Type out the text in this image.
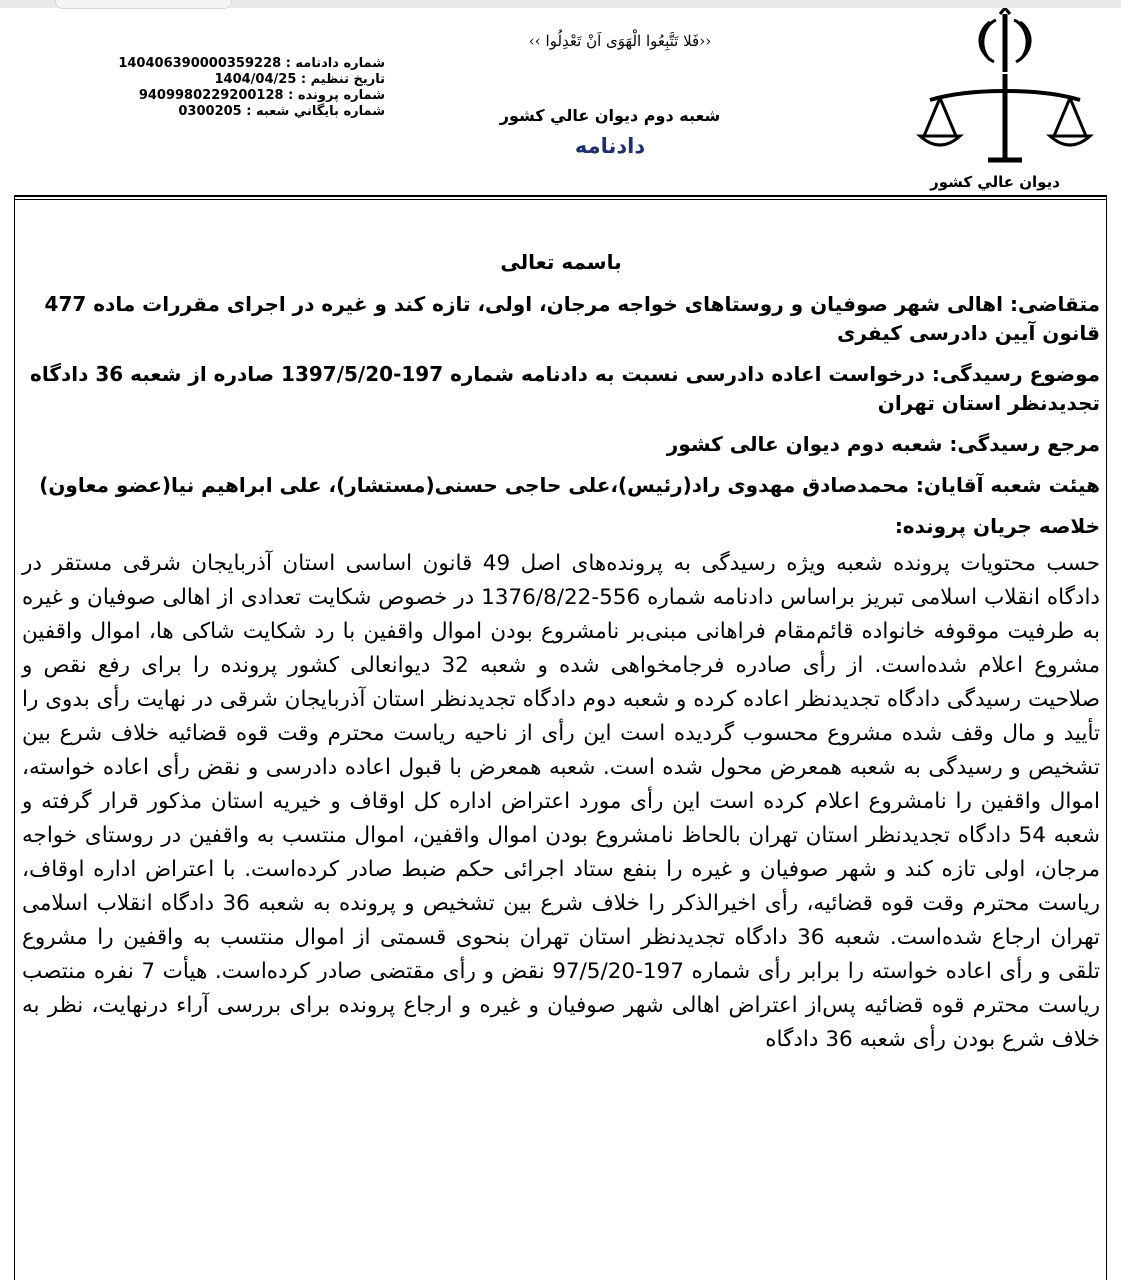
ديوان عالي كشور
‹‹فَلا تَتَّبِعُوا الْهَوَى اَنْ تَعْدِلُوا ››
شعبه دوم ديوان عالي كشور
دادنامه
شماره دادنامه : 140406390000359228
تاريخ تنظيم : 1404/04/25
شماره پرونده : 9409980229200128
شماره بايگاني شعبه : 0300205
باسمه تعالی

متقاضی: اهالی شهر صوفیان و روستاهای خواجه مرجان، اولی، تازه کند و غیره در اجرای مقررات ماده 477 قانون آیین دادرسی کیفری

موضوع رسیدگی: درخواست اعاده دادرسی نسبت به دادنامه شماره 197-1397/5/20 صادره از شعبه 36 دادگاه تجدیدنظر استان تهران

مرجع رسیدگی: شعبه دوم دیوان عالی کشور

هیئت شعبه آقایان: محمدصادق مهدوی راد(رئیس)،علی حاجی حسنی(مستشار)، علی ابراهیم نیا(عضو معاون)

خلاصه جریان پرونده:

حسب محتویات پرونده شعبه ویژه رسیدگی به پرونده‌های اصل 49 قانون اساسی استان آذربایجان شرقی مستقر در دادگاه انقلاب اسلامی تبریز براساس دادنامه شماره 556-1376/8/22 در خصوص شکایت تعدادی از اهالی صوفیان و غیره به طرفیت موقوفه خانواده قائم‌مقام فراهانی مبنی‌بر نامشروع بودن اموال واقفین با رد شکایت شاکی ها، اموال واقفین مشروع اعلام شده‌است. از رأی صادره فرجامخواهی شده و شعبه 32 دیوانعالی کشور پرونده را برای رفع نقص و صلاحیت رسیدگی دادگاه تجدیدنظر اعاده کرده و شعبه دوم دادگاه تجدیدنظر استان آذربایجان شرقی در نهایت رأی بدوی را تأیید و مال وقف شده مشروع محسوب گردیده است این رأی از ناحیه ریاست محترم وقت قوه قضائیه خلاف شرع بین تشخیص و رسیدگی به شعبه همعرض محول شده است. شعبه همعرض با قبول اعاده دادرسی و نقض رأی اعاده خواسته، اموال واقفین را نامشروع اعلام کرده است این رأی مورد اعتراض اداره کل اوقاف و خیریه استان مذکور قرار گرفته و شعبه 54 دادگاه تجدیدنظر استان تهران بالحاظ نامشروع بودن اموال واقفین، اموال منتسب به واقفین در روستای خواجه مرجان، اولی تازه کند و شهر صوفیان و غیره را بنفع ستاد اجرائی حکم ضبط صادر کرده‌است. با اعتراض اداره اوقاف، ریاست محترم وقت قوه قضائیه، رأی اخیرالذکر را خلاف شرع بین تشخیص و پرونده به شعبه 36 دادگاه انقلاب اسلامی تهران ارجاع شده‌است. شعبه 36 دادگاه تجدیدنظر استان تهران بنحوی قسمتی از اموال منتسب به واقفین را مشروع تلقی و رأی اعاده خواسته را برابر رأی شماره 197-97/5/20 نقض و رأی مقتضی صادر کرده‌است. هیأت 7 نفره منتصب ریاست محترم قوه قضائیه پس‌از اعتراض اهالی شهر صوفیان و غیره و ارجاع پرونده برای بررسی آراء درنهایت، نظر به خلاف شرع بودن رأی شعبه 36 دادگاه
